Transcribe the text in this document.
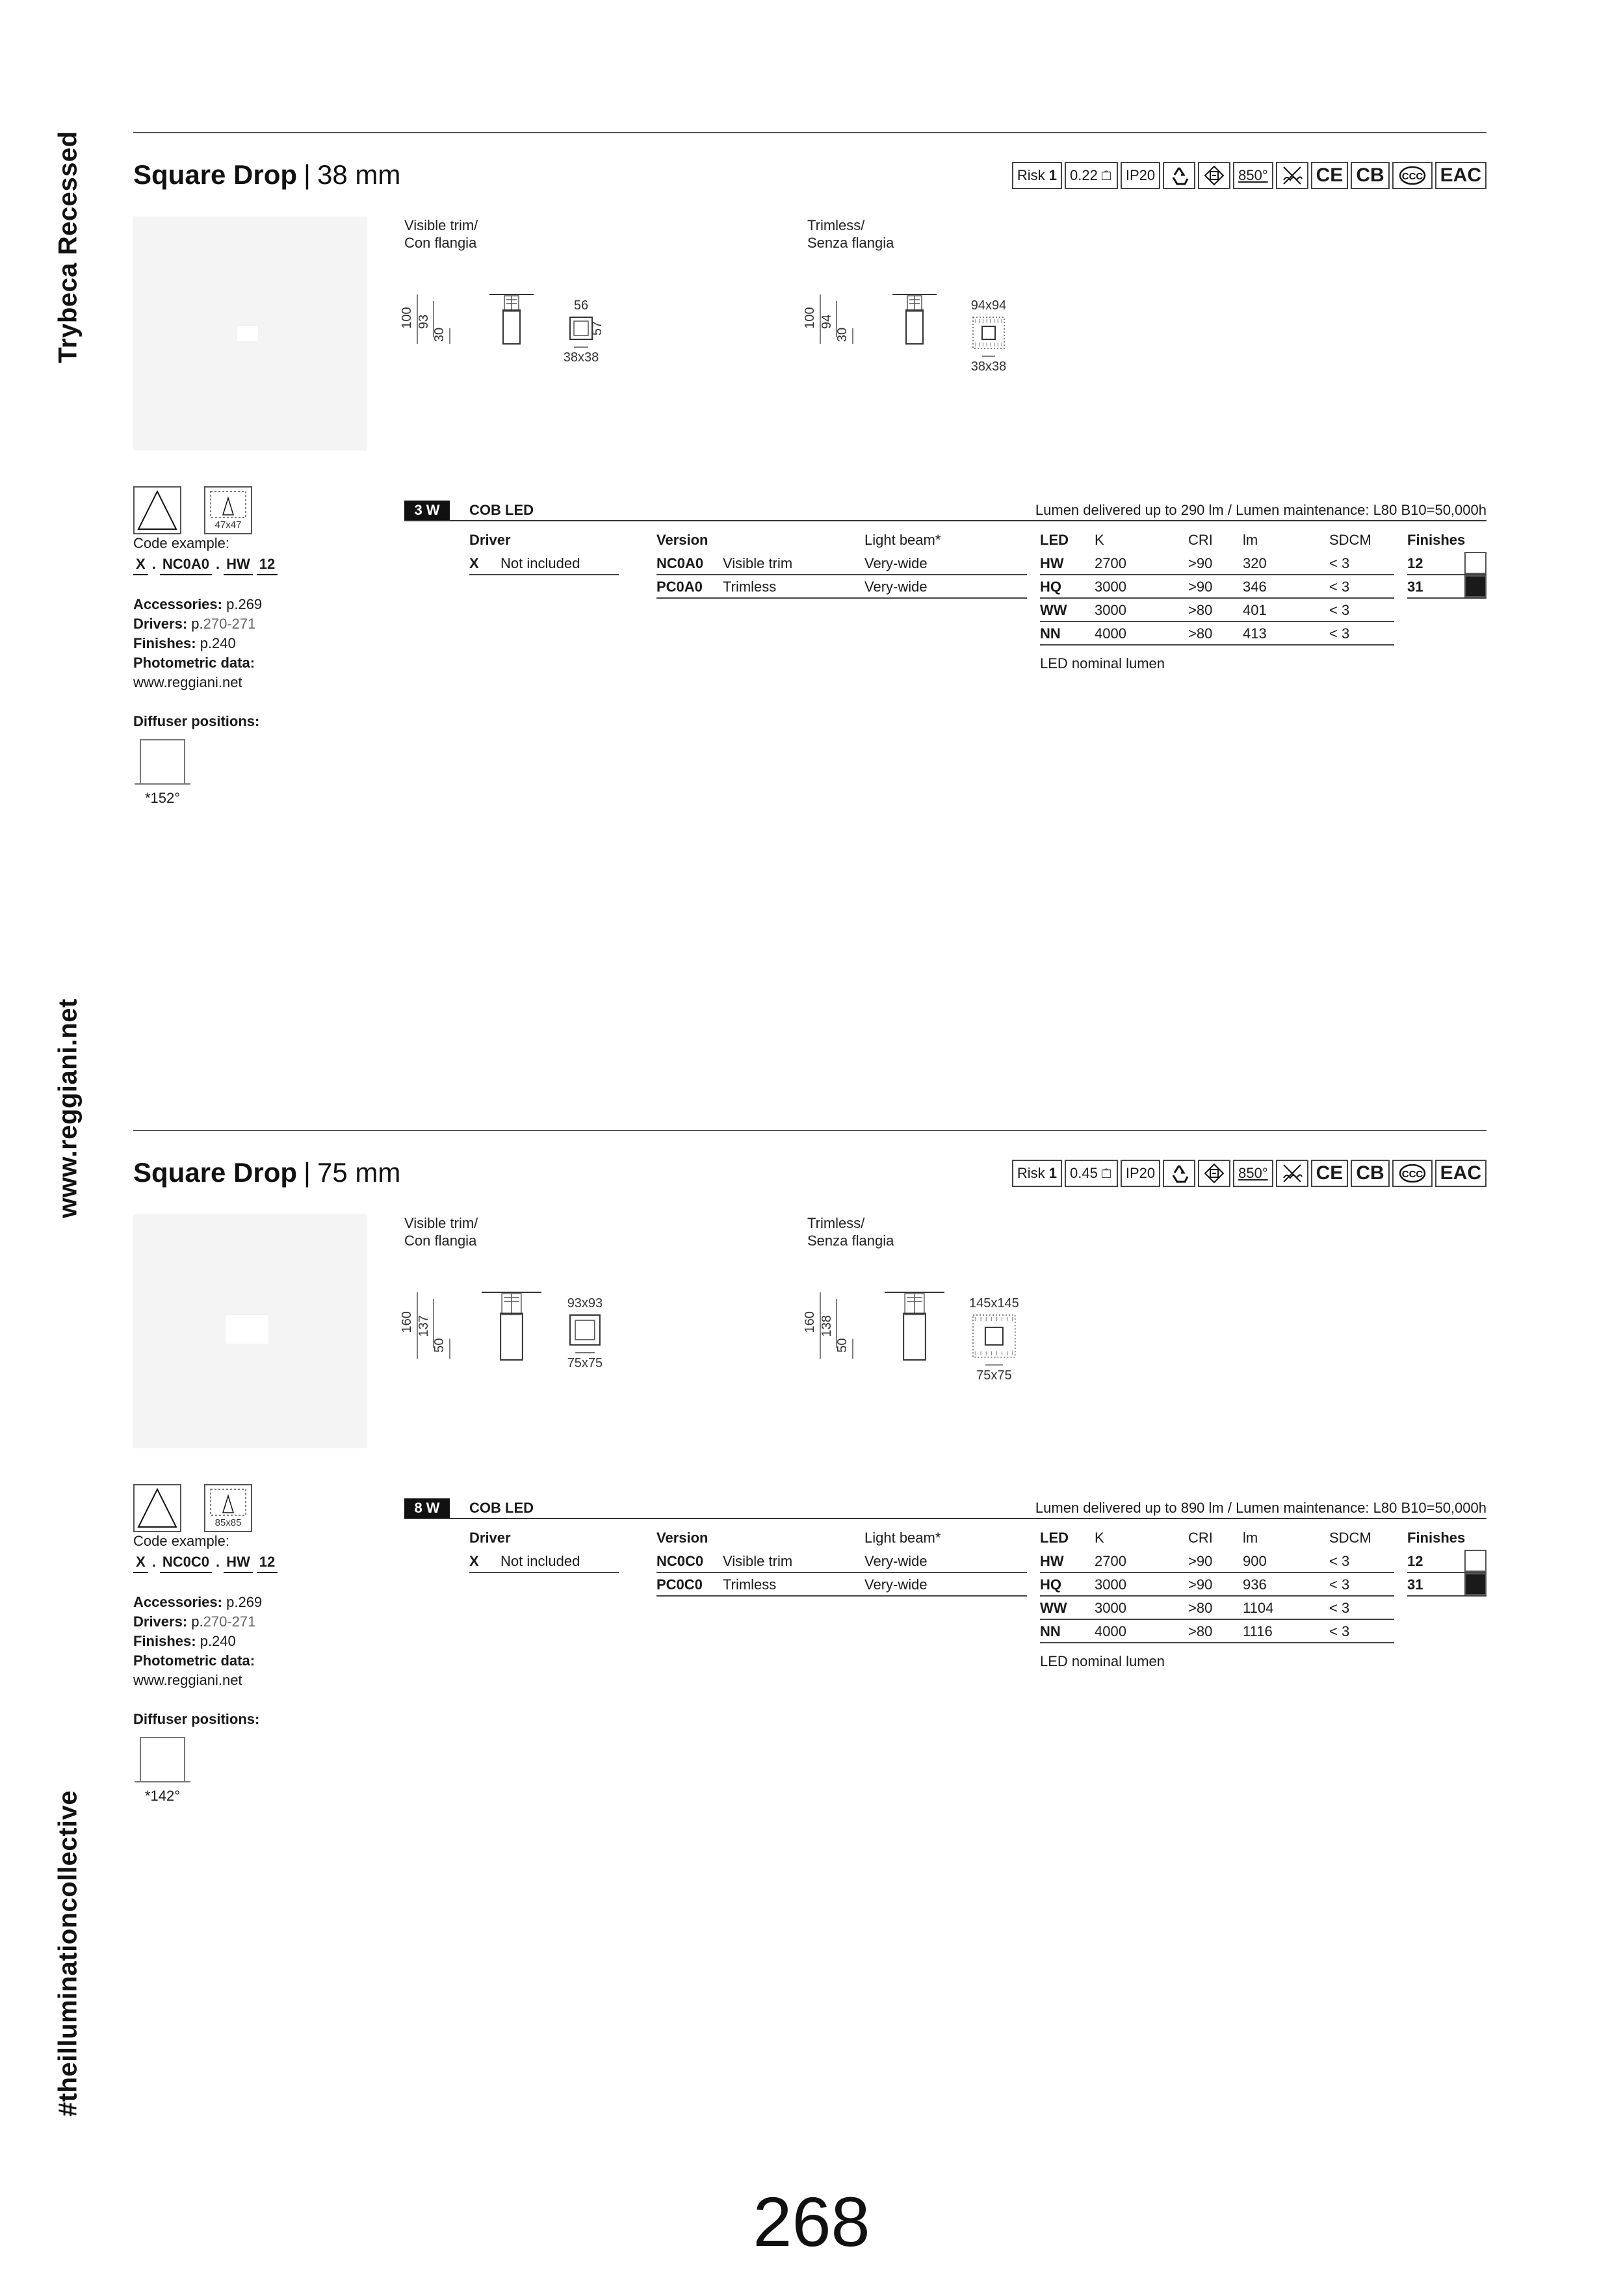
Trybeca Recessed
www.reggiani.net
#theilluminationcollective
Square Drop | 38 mm	Risk
1 0.22 IP20	850° CE CB CCC EAC
Visible trim/
Con flangia
Trimless/
Senza flangia
100 93
30
56
57
38x38
100 94
30
94x94
38x38
47x47
Code example:
X . NC0A0 . HW 12
Accessories: p.269
Drivers: p.270-271
Finishes: p.240
Photometric data:
www.reggiani.net
Diffuser positions:
*152°
3 W	COB LED	Lumen delivered up to 290 lm / Lumen maintenance: L80 B10=50,000h
Driver
X Not included
Version	Light beam*
NC0A0 Visible trim	Very-wide
PC0A0 Trimless	Very-wide
LED K	CRI lm	SDCM
HW 2700	>90 320	< 3
HQ 3000	>90 346	< 3
WW 3000	>80 401	< 3
NN 4000	>80 413	< 3
LED nominal lumen
Finishes
12
31
Square Drop | 75 mm	Risk
1 0.45 IP20	850° CE CB CCC EAC
Visible trim/
Con flangia
Trimless/
Senza flangia
160 137
50
93x93
75x75
160 138
50
145x145
75x75
85x85
Code example:
X . NC0C0 . HW 12
Accessories: p.269
Drivers: p.270-271
Finishes: p.240
Photometric data:
www.reggiani.net
Diffuser positions:
*142°
8 W	COB LED	Lumen delivered up to 890 lm / Lumen maintenance: L80 B10=50,000h
Driver
X Not included
Version	Light beam*
NC0C0 Visible trim	Very-wide
PC0C0 Trimless	Very-wide
LED K	CRI lm	SDCM
HW 2700	>90 900	< 3
HQ 3000	>90 936	< 3
WW 3000	>80 1104	< 3
NN 4000	>80 1116	< 3
LED nominal lumen
Finishes
12
31
268
